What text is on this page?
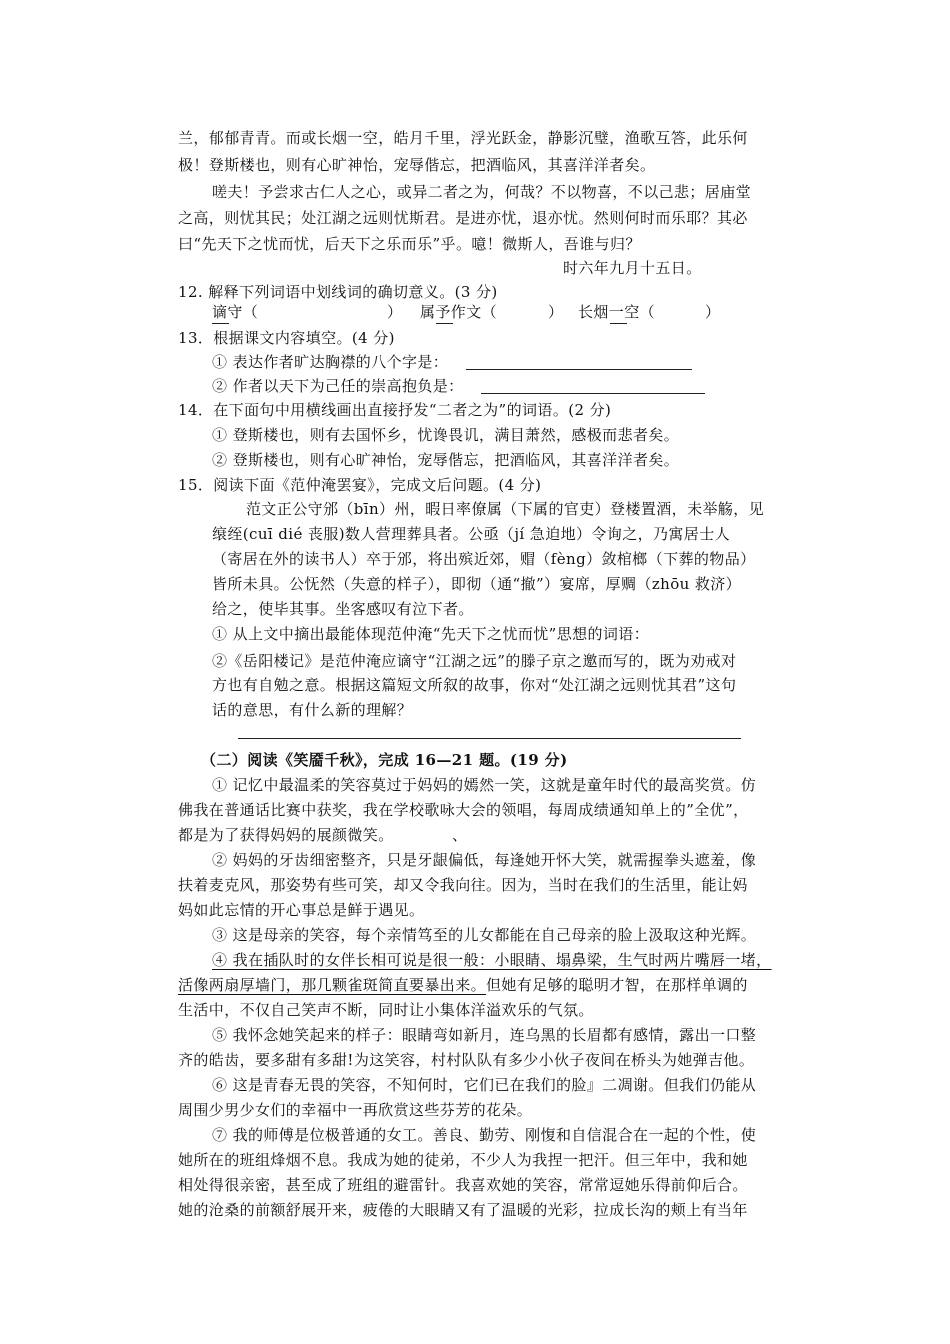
兰，郁郁青青。而或长烟一空，皓月千里，浮光跃金，静影沉璧，渔歌互答，此乐何
极！登斯楼也，则有心旷神怡，宠辱偕忘，把酒临风，其喜洋洋者矣。
嗟夫！予尝求古仁人之心，或异二者之为，何哉？不以物喜，不以己悲；居庙堂
之高，则忧其民；处江湖之远则忧斯君。是进亦忧，退亦忧。然则何时而乐耶？其必
曰“先天下之忧而忧，后天下之乐而乐”乎。噫！微斯人，吾谁与归？
时六年九月十五日。
12. 解释下列词语中划线词的确切意义。(3 分)
谪守（	） 属予作文（	） 长烟一空（	）
13．根据课文内容填空。(4 分)
① 表达作者旷达胸襟的八个字是：
② 作者以天下为己任的崇高抱负是：
14．在下面句中用横线画出直接抒发“二者之为”的词语。(2 分)
① 登斯楼也，则有去国怀乡，忧谗畏讥，满目萧然，感极而悲者矣。
② 登斯楼也，则有心旷神怡，宠辱偕忘，把酒临风，其喜洋洋者矣。
15．阅读下面《范仲淹罢宴》，完成文后问题。(4 分)
范文正公守邠（bīn）州，暇日率僚属（下属的官吏）登楼置酒，未举觞，见
缞绖(cuī dié 丧服)数人营理葬具者。公亟（jí 急迫地）令询之，乃寓居士人
（寄居在外的读书人）卒于邠，将出殡近郊，赗（fèng）敛棺榔（下葬的物品）
皆所未具。公怃然（失意的样子），即彻（通“撤”）宴席，厚赒（zhōu 救济）
给之，使毕其事。坐客感叹有泣下者。
① 从上文中摘出最能体现范仲淹“先天下之忧而忧”思想的词语：
②《岳阳楼记》是范仲淹应谪守“江湖之远”的滕子京之邀而写的，既为劝戒对
方也有自勉之意。根据这篇短文所叙的故事，你对“处江湖之远则忧其君”这句
话的意思，有什么新的理解？
（二）阅读《笑靥千秋》，完成 16—21 题。(19 分)
① 记忆中最温柔的笑容莫过于妈妈的嫣然一笑，这就是童年时代的最高奖赏。仿
佛我在普通话比赛中获奖，我在学校歌咏大会的领唱，每周成绩通知单上的”全优”，
都是为了获得妈妈的展颜微笑。	、
② 妈妈的牙齿细密整齐，只是牙龈偏低，每逢她开怀大笑，就需握拳头遮羞，像
扶着麦克风，那姿势有些可笑，却又令我向往。因为，当时在我们的生活里，能让妈
妈如此忘情的开心事总是鲜于遇见。
③ 这是母亲的笑容，每个亲情笃至的儿女都能在自己母亲的脸上汲取这种光辉。
④ 我在插队时的女伴长相可说是很一般：小眼睛、塌鼻梁，生气时两片嘴唇一堵，
活像两扇厚墙门，那几颗雀斑简直要暴出来。但她有足够的聪明才智，在那样单调的
生活中，不仅自己笑声不断，同时让小集体洋溢欢乐的气氛。
⑤ 我怀念她笑起来的样子：眼睛弯如新月，连乌黑的长眉都有感情，露出一口整
齐的皓齿，要多甜有多甜!为这笑容，村村队队有多少小伙子夜间在桥头为她弹吉他。
⑥ 这是青春无畏的笑容，不知何时，它们已在我们的脸』二凋谢。但我们仍能从
周围少男少女们的幸福中一再欣赏这些芬芳的花朵。
⑦ 我的师傅是位极普通的女工。善良、勤劳、刚愎和自信混合在一起的个性，使
她所在的班组烽烟不息。我成为她的徒弟，不少人为我捏一把汗。但三年中，我和她
相处得很亲密，甚至成了班组的避雷针。我喜欢她的笑容，常常逗她乐得前仰后合。
她的沧桑的前额舒展开来，疲倦的大眼睛又有了温暖的光彩，拉成长沟的颊上有当年
